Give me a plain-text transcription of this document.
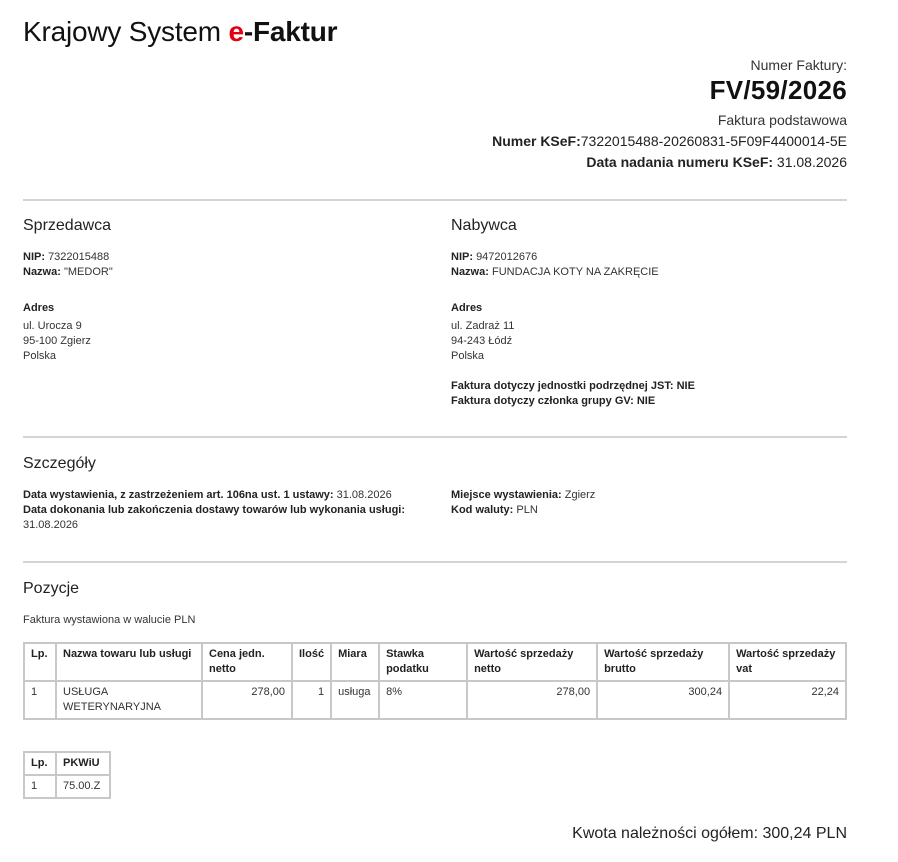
Krajowy System e-Faktur
Numer Faktury:
FV/59/2026
Faktura podstawowa
Numer KSeF:7322015488-20260831-5F09F4400014-5E
Data nadania numeru KSeF: 31.08.2026
Sprzedawca
NIP: 7322015488
Nazwa: "MEDOR"
Adres
ul. Urocza 9
95-100 Zgierz
Polska
Nabywca
NIP: 9472012676
Nazwa: FUNDACJA KOTY NA ZAKRĘCIE
Adres
ul. Zadraż 11
94-243 Łódź
Polska
Faktura dotyczy jednostki podrzędnej JST: NIE
Faktura dotyczy członka grupy GV: NIE
Szczegóły
Data wystawienia, z zastrzeżeniem art. 106na ust. 1 ustawy: 31.08.2026
Data dokonania lub zakończenia dostawy towarów lub wykonania usługi: 31.08.2026
Miejsce wystawienia: Zgierz
Kod waluty: PLN
Pozycje
Faktura wystawiona w walucie PLN
Lp.	Nazwa towaru lub usługi	Cena jedn. netto	Ilość	Miara	Stawka podatku	Wartość sprzedaży netto	Wartość sprzedaży brutto	Wartość sprzedaży vat
1	USŁUGA WETERYNARYJNA	278,00	1	usługa	8%	278,00	300,24	22,24
Lp.	PKWiU
1	75.00.Z
Kwota należności ogółem: 300,24 PLN
